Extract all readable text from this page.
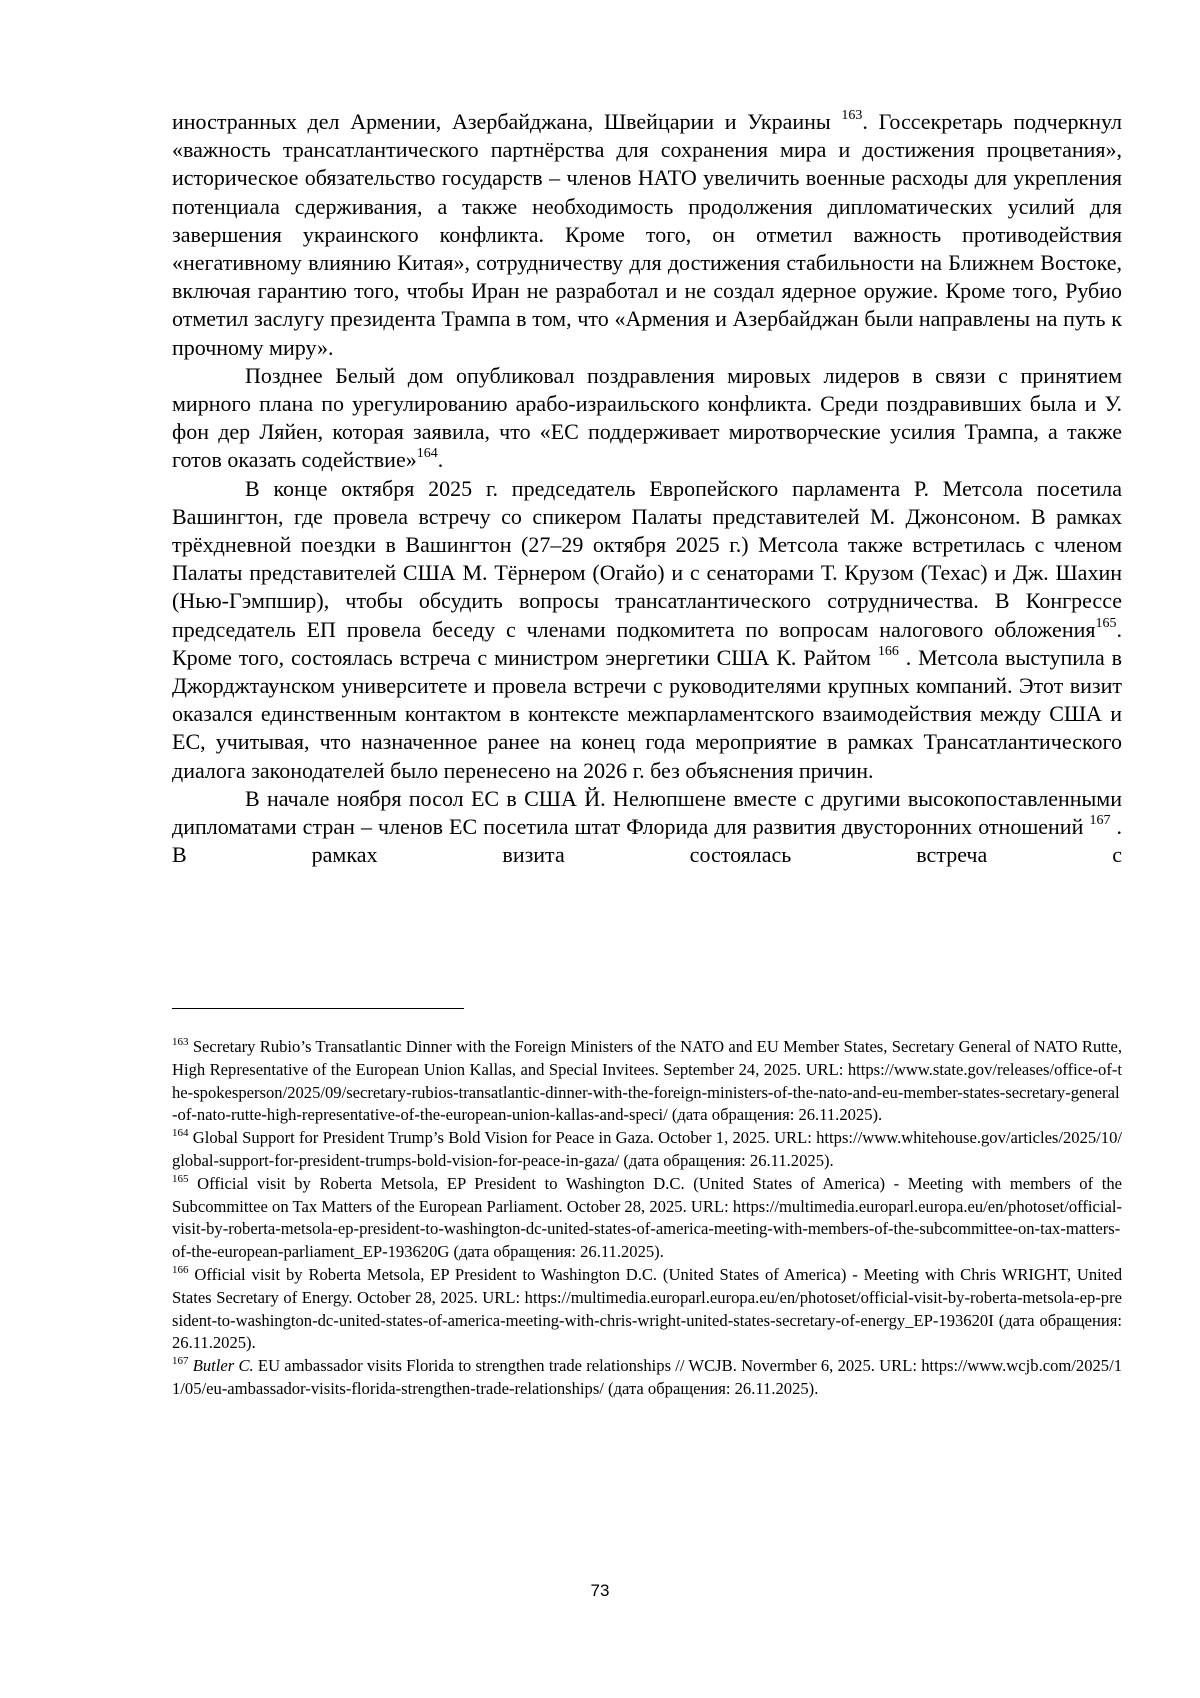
иностранных дел Армении, Азербайджана, Швейцарии и Украины $^{163}$. Госсекретарь подчеркнул «важность трансатлантического партнёрства для сохранения мира и достижения процветания», историческое обязательство государств – членов НАТО увеличить военные расходы для укрепления потенциала сдерживания, а также необходимость продолжения дипломатических усилий для завершения украинского конфликта. Кроме того, он отметил важность противодействия «негативному влиянию Китая», сотрудничеству для достижения стабильности на Ближнем Востоке, включая гарантию того, чтобы Иран не разработал и не создал ядерное оружие. Кроме того, Рубио отметил заслугу президента Трампа в том, что «Армения и Азербайджан были направлены на путь к прочному миру».

Позднее Белый дом опубликовал поздравления мировых лидеров в связи с принятием мирного плана по урегулированию арабо-израильского конфликта. Среди поздравивших была и У. фон дер Ляйен, которая заявила, что «ЕС поддерживает миротворческие усилия Трампа, а также готов оказать содействие»$^{164}$.

В конце октября 2025 г. председатель Европейского парламента Р. Метсола посетила Вашингтон, где провела встречу со спикером Палаты представителей М. Джонсоном. В рамках трёхдневной поездки в Вашингтон (27–29 октября 2025 г.) Метсола также встретилась с членом Палаты представителей США М. Тёрнером (Огайо) и с сенаторами Т. Крузом (Техас) и Дж. Шахин (Нью-Гэмпшир), чтобы обсудить вопросы трансатлантического сотрудничества. В Конгрессе председатель ЕП провела беседу с членами подкомитета по вопросам налогового обложения$^{165}$. Кроме того, состоялась встреча с министром энергетики США К. Райтом $^{166}$ . Метсола выступила в Джорджтаунском университете и провела встречи с руководителями крупных компаний. Этот визит оказался единственным контактом в контексте межпарламентского взаимодействия между США и ЕС, учитывая, что назначенное ранее на конец года мероприятие в рамках Трансатлантического диалога законодателей было перенесено на 2026 г. без объяснения причин.

В начале ноября посол ЕС в США Й. Нелюпшене вместе с другими высокопоставленными дипломатами стран – членов ЕС посетила штат Флорида для развития двусторонних отношений $^{167}$ . В рамках визита состоялась встреча с

$^{163}$ Secretary Rubio’s Transatlantic Dinner with the Foreign Ministers of the NATO and EU Member States, Secretary General of NATO Rutte, High Representative of the European Union Kallas, and Special Invitees. September 24, 2025. URL: https://www.state.gov/releases/office-of-the-spokesperson/2025/09/secretary-rubios-transatlantic-dinner-with-the-foreign-ministers-of-the-nato-and-eu-member-states-secretary-general-of-nato-rutte-high-representative-of-the-european-union-kallas-and-speci/ (дата обращения: 26.11.2025).

$^{164}$ Global Support for President Trump’s Bold Vision for Peace in Gaza. October 1, 2025. URL: https://www.whitehouse.gov/articles/2025/10/global-support-for-president-trumps-bold-vision-for-peace-in-gaza/ (дата обращения: 26.11.2025).

$^{165}$ Official visit by Roberta Metsola, EP President to Washington D.C. (United States of America) - Meeting with members of the Subcommittee on Tax Matters of the European Parliament. October 28, 2025. URL: https://multimedia.europarl.europa.eu/en/photoset/official-visit-by-roberta-metsola-ep-president-to-washington-dc-united-states-of-america-meeting-with-members-of-the-subcommittee-on-tax-matters-of-the-european-parliament_EP-193620G (дата обращения: 26.11.2025).

$^{166}$ Official visit by Roberta Metsola, EP President to Washington D.C. (United States of America) - Meeting with Chris WRIGHT, United States Secretary of Energy. October 28, 2025. URL: https://multimedia.europarl.europa.eu/en/photoset/official-visit-by-roberta-metsola-ep-president-to-washington-dc-united-states-of-america-meeting-with-chris-wright-united-states-secretary-of-energy_EP-193620I (дата обращения: 26.11.2025).

$^{167}$ Butler C. EU ambassador visits Florida to strengthen trade relationships // WCJB. Novermber 6, 2025. URL: https://www.wcjb.com/2025/11/05/eu-ambassador-visits-florida-strengthen-trade-relationships/ (дата обращения: 26.11.2025).

73
